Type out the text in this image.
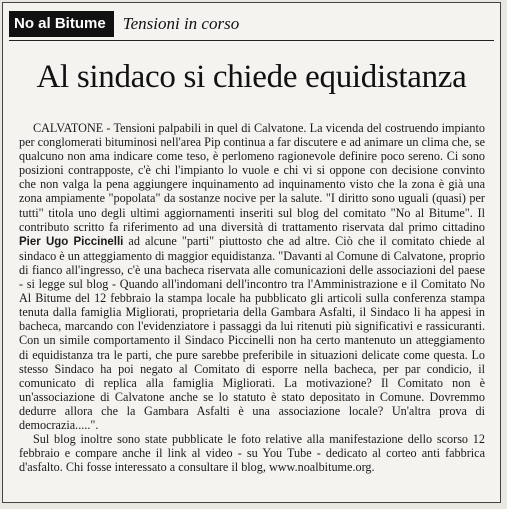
No al Bitume	Tensioni in corso
Al sindaco si chiede equidistanza

CALVATONE - Tensioni palpabili in quel di Calvatone. La vicenda del costruendo impianto per conglomerati bituminosi nell'area Pip continua a far discutere e ad animare un clima che, se qualcuno non ama indicare come teso, è perlomeno ragionevole definire poco sereno. Ci sono posizioni contrapposte, c'è chi l'impianto lo vuole e chi vi si oppone con decisione convinto che non valga la pena aggiungere inquinamento ad inquinamento visto che la zona è già una zona ampiamente "popolata" da sostanze nocive per la salute. "I diritto sono uguali (quasi) per tutti" titola uno degli ultimi aggiornamenti inseriti sul blog del comitato "No al Bitume". Il contributo scritto fa riferimento ad una diversità di trattamento riservata dal primo cittadino Pier Ugo Piccinelli ad alcune "parti" piuttosto che ad altre. Ciò che il comitato chiede al sindaco è un atteggiamento di maggior equidistanza. "Davanti al Comune di Calvatone, proprio di fianco all'ingresso, c'è una bacheca riservata alle comunicazioni delle associazioni del paese - si legge sul blog - Quando all'indomani dell'incontro tra l'Amministrazione e il Comitato No Al Bitume del 12 febbraio la stampa locale ha pubblicato gli articoli sulla conferenza stampa tenuta dalla famiglia Migliorati, proprietaria della Gambara Asfalti, il Sindaco li ha appesi in bacheca, marcando con l'evidenziatore i passaggi da lui ritenuti più significativi e rassicuranti. Con un simile comportamento il Sindaco Piccinelli non ha certo mantenuto un atteggiamento di equidistanza tra le parti, che pure sarebbe preferibile in situazioni delicate come questa. Lo stesso Sindaco ha poi negato al Comitato di esporre nella bacheca, per par condicio, il comunicato di replica alla famiglia Migliorati. La motivazione? Il Comitato non è un'associazione di Calvatone anche se lo statuto è stato depositato in Comune. Dovremmo dedurre allora che la Gambara Asfalti è una associazione locale? Un'altra prova di democrazia.....".

Sul blog inoltre sono state pubblicate le foto relative alla manifestazione dello scorso 12 febbraio e compare anche il link al video - su You Tube - dedicato al corteo anti fabbrica d'asfalto. Chi fosse interessato a consultare il blog, www.noalbitume.org.
